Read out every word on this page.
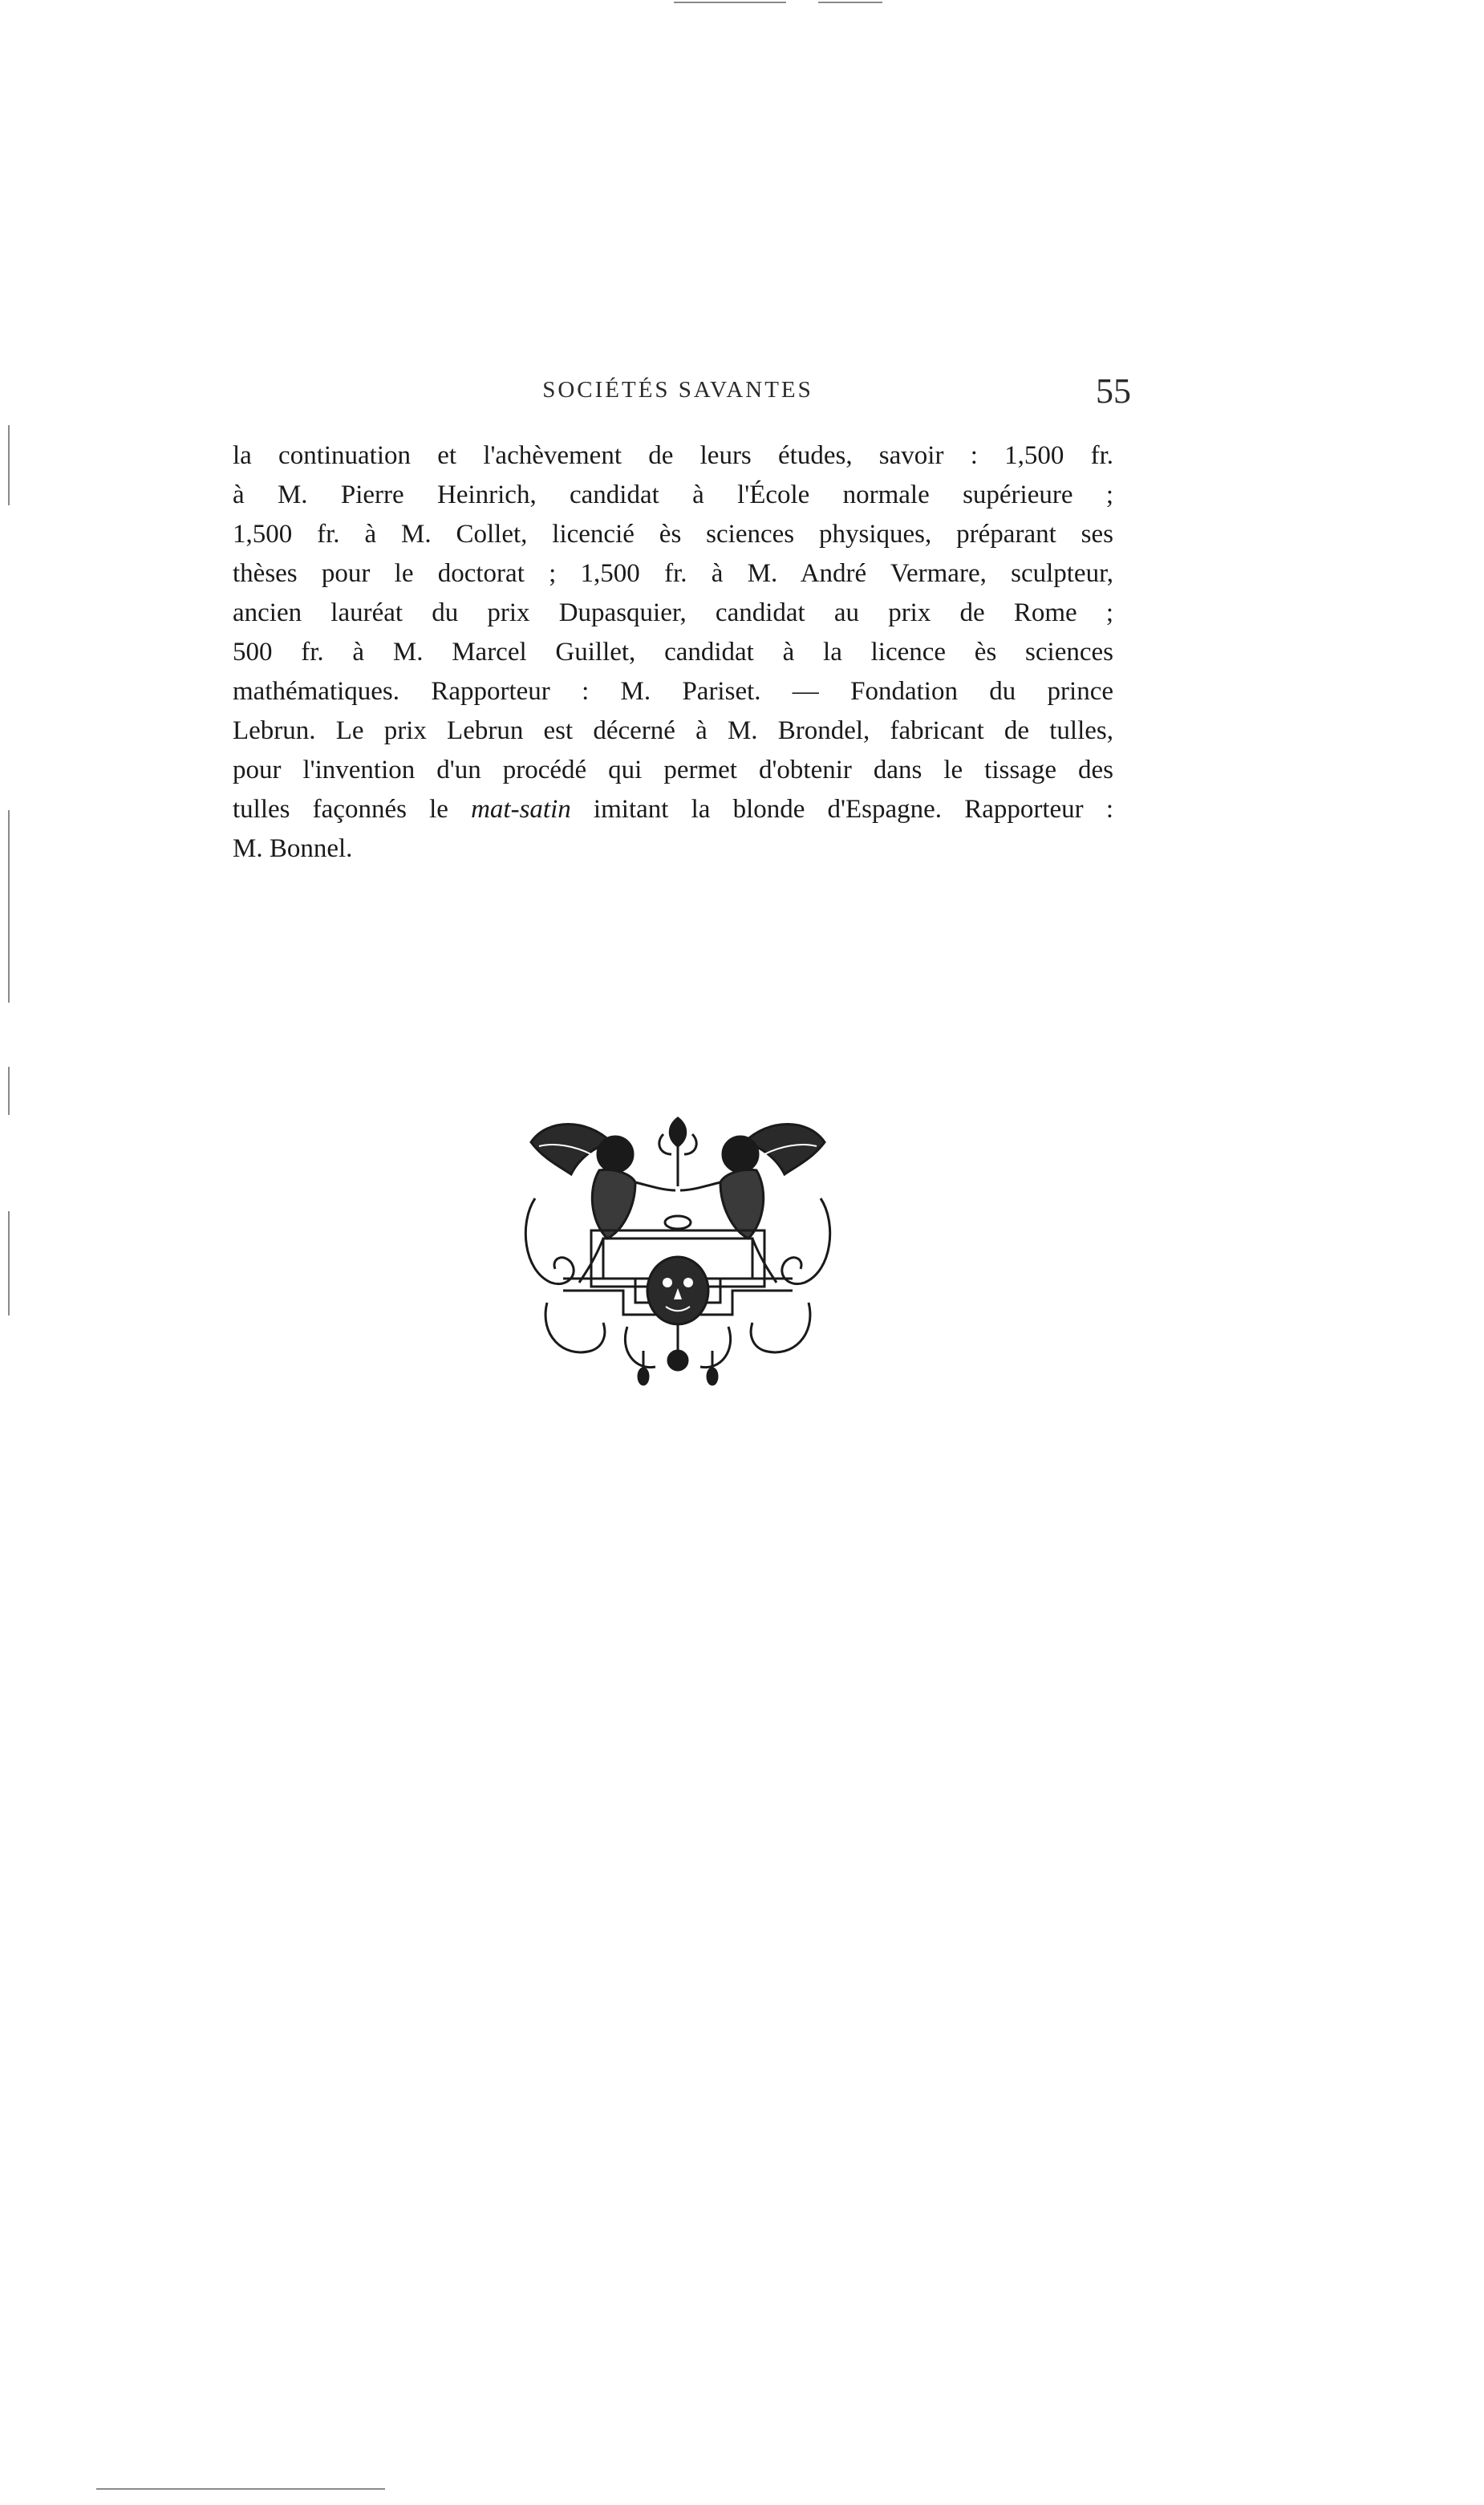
SOCIÉTÉS SAVANTES	55
la continuation et l'achèvement de leurs études, savoir : 1,500 fr.
à M. Pierre Heinrich, candidat à l'École normale supérieure ;
1,500 fr. à M. Collet, licencié ès sciences physiques, préparant ses
thèses pour le doctorat ; 1,500 fr. à M. André Vermare, sculpteur,
ancien lauréat du prix Dupasquier, candidat au prix de Rome ;
500 fr. à M. Marcel Guillet, candidat à la licence ès sciences
mathématiques. Rapporteur : M. Pariset. — Fondation du prince
Lebrun. Le prix Lebrun est décerné à M. Brondel, fabricant de tulles,
pour l'invention d'un procédé qui permet d'obtenir dans le tissage des
tulles façonnés le mat-satin imitant la blonde d'Espagne. Rapporteur :
M. Bonnel.
